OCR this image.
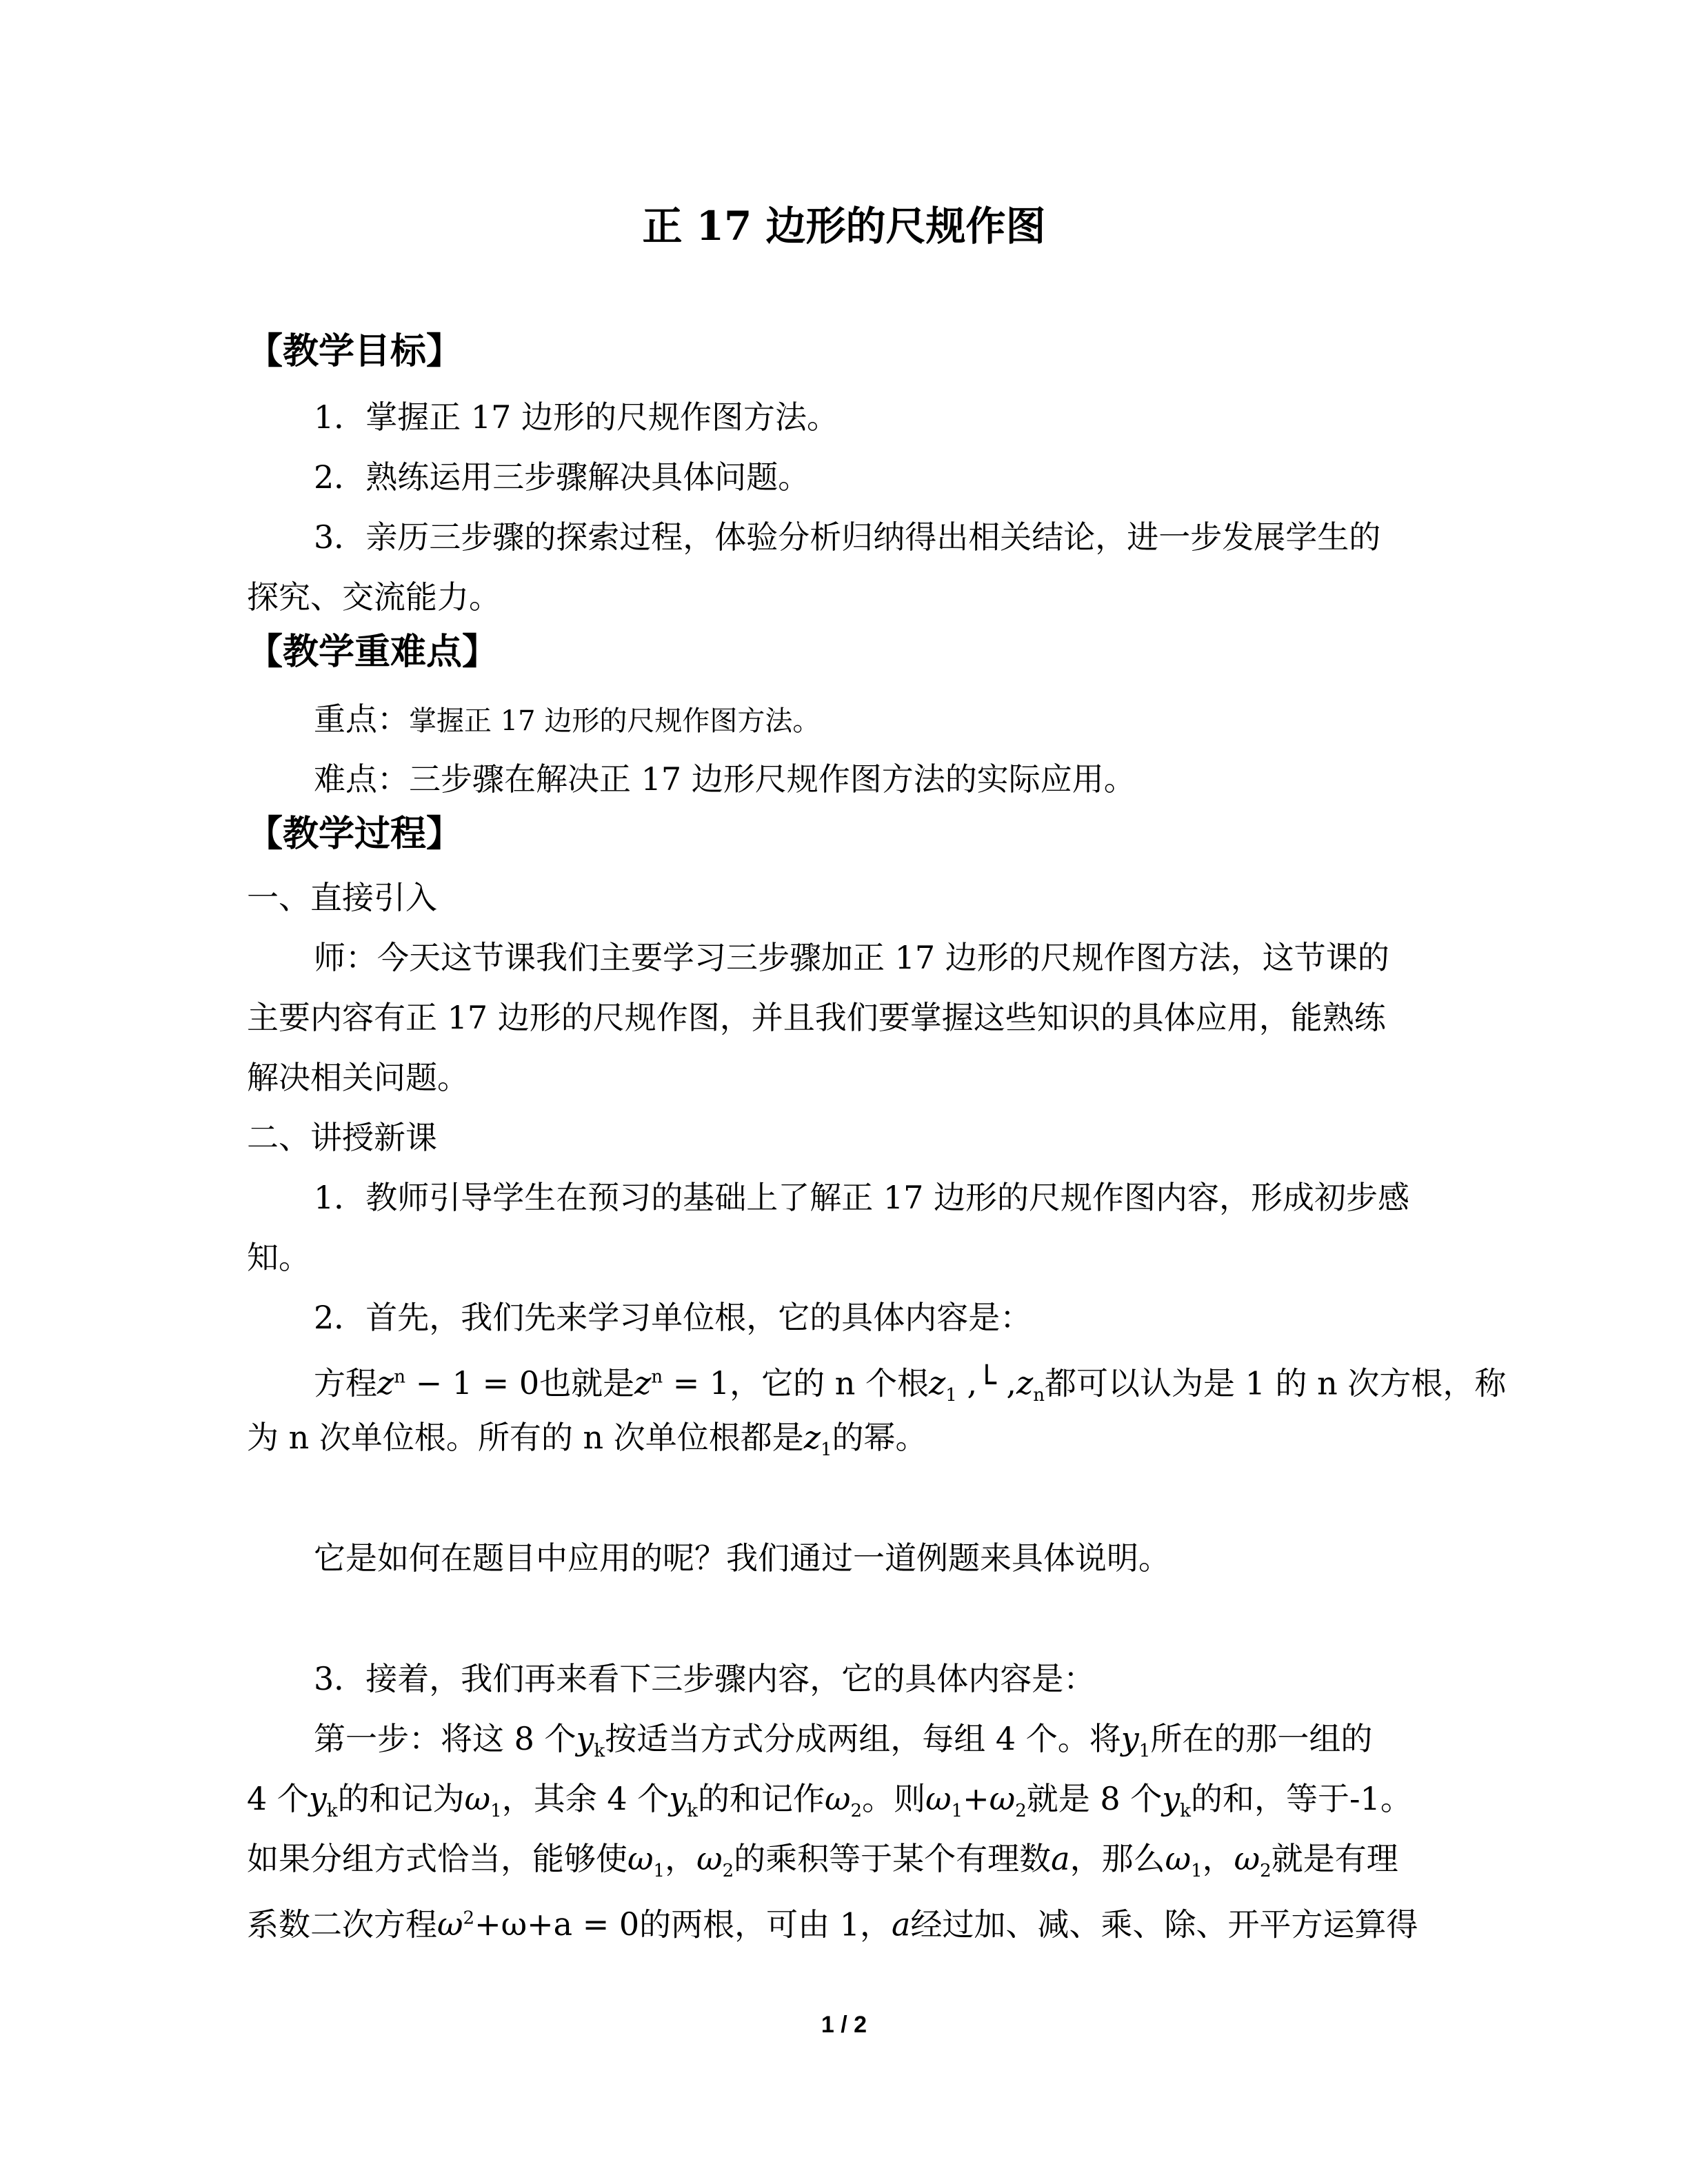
正 17 边形的尺规作图
【教学目标】
1．掌握正 17 边形的尺规作图方法。
2．熟练运用三步骤解决具体问题。
3．亲历三步骤的探索过程，体验分析归纳得出相关结论，进一步发展学生的
探究、交流能力。
【教学重难点】
重点：掌握正 17 边形的尺规作图方法。
难点：三步骤在解决正 17 边形尺规作图方法的实际应用。
【教学过程】
一、直接引入
师：今天这节课我们主要学习三步骤加正 17 边形的尺规作图方法，这节课的
主要内容有正 17 边形的尺规作图，并且我们要掌握这些知识的具体应用，能熟练
解决相关问题。
二、讲授新课
1．教师引导学生在预习的基础上了解正 17 边形的尺规作图内容，形成初步感
知。
2．首先，我们先来学习单位根，它的具体内容是：
方程$z^n - 1 = 0$也就是$z^n = 1$，它的 n 个根$z_1$ ,└ $,z_n$都可以认为是 1 的 n 次方根，称
为 n 次单位根。所有的 n 次单位根都是$z_1$的幂。
它是如何在题目中应用的呢？我们通过一道例题来具体说明。
3．接着，我们再来看下三步骤内容，它的具体内容是：
第一步：将这 8 个$y_k$按适当方式分成两组，每组 4 个。将$y_1$所在的那一组的
4 个$y_k$的和记为$\omega_1$，其余 4 个$y_k$的和记作$\omega_2$。则$\omega_1+\omega_2$就是 8 个$y_k$的和，等于-1。
如果分组方式恰当，能够使$\omega_1$，$\omega_2$的乘积等于某个有理数a，那么$\omega_1$，$\omega_2$就是有理
系数二次方程$\omega^2+\omega+a = 0$的两根，可由 1，a经过加、减、乘、除、开平方运算得
1 / 2
